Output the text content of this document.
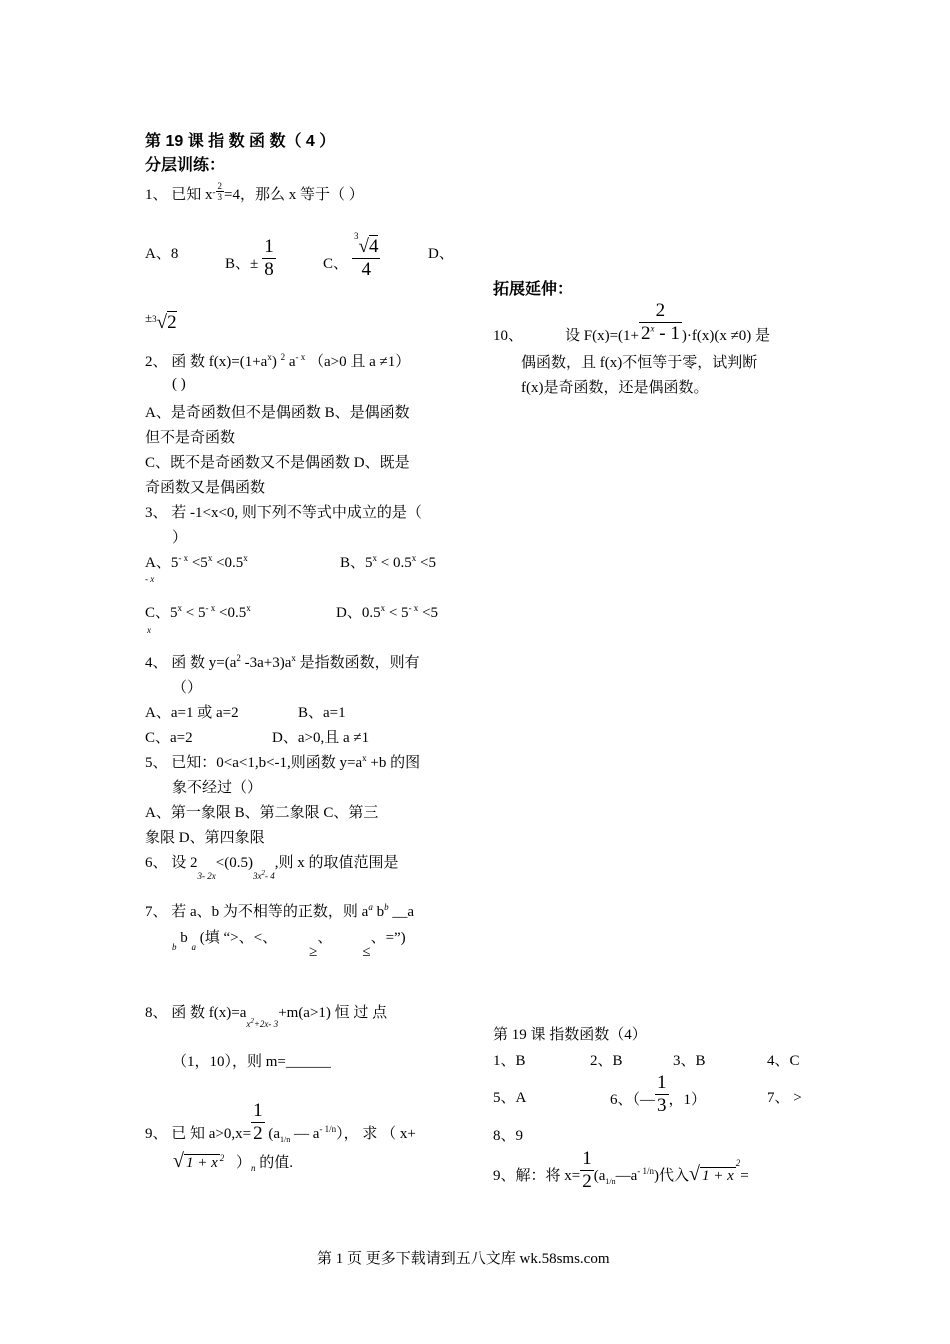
第 19 课 指 数 函 数（ 4 ）
分层训练：
1、 已知 $x^- \frac{2}{3} =4$，那么 x 等于（ ）
A、8
B、± $\frac{1}{8}$	C、 $\frac{^3√4}{4}$	D、
±$^3$√2
2、 函 数 $f(x)=(1+a^x)$ $^2$ $a^{- x}$ （a>0 且 a ≠1）
( )
A、是奇函数但不是偶函数 B、是偶函数
但不是奇函数
C、既不是奇函数又不是偶函数 D、既是
奇函数又是偶函数
3、 若 -1<x<0, 则下列不等式中成立的是（
）
A、$5^{- x} <5^x <0.5^x$	B、$5^x < 0.5^x <5$
- x
C、$5^x < 5^{- x} <0.5^x$	D、$0.5^x < 5^{- x} <5$
x
4、 函 数 $y=(a^2$ $-3a+3)a^x$ 是指数函数，则有
（）
A、a=1 或 a=2	B、a=1
C、a=2	D、a>0,且 a ≠1
5、 已知：0<a<1,b<-1,则函数 $y=a^x +b$ 的图
象不经过（）
A、第一象限 B、第二象限 C、第三
象限 D、第四象限
6、 设 $2_{3- 2x}<(0.5)_{3x^2- 4}$,则 x 的取值范围是
7、 若 a、b 为不相等的正数，则 $a^a$ $b^b$ __a
$_b$ b $_a$ (填 “>、<、≥、≤、=”)
8、 函 数 $f(x)=a_{x^2+2x- 3}+m(a>1)$ 恒 过 点
（1，10），则 m=______
9、 已 知 $a>0,x= \frac{1}{2} (a_{1/n}$ — $a^{- 1/n}$）， 求 （ x+
√ 1 + x $^2$ ）$_n$ 的值.
拓展延伸：
10、	设 $F(x)=(1+ \frac{2}{2^x - 1} )\cdot f(x)(x \ne 0)$ 是
偶函数，且 f(x)不恒等于零，试判断
f(x)是奇函数，还是偶函数。
第 19 课 指数函数（4）
1、B	2、B	3、B	4、C
5、A	6、（— $\frac{1}{3}$ ，1）	7、 >
8、9
9、解：将 $x= \frac{1}{2}$ $(a_{1/n}—a^{- 1/n})$代入√ $1 + x^2=$
第 1 页 更多下载请到五八文库 wk.58sms.com
